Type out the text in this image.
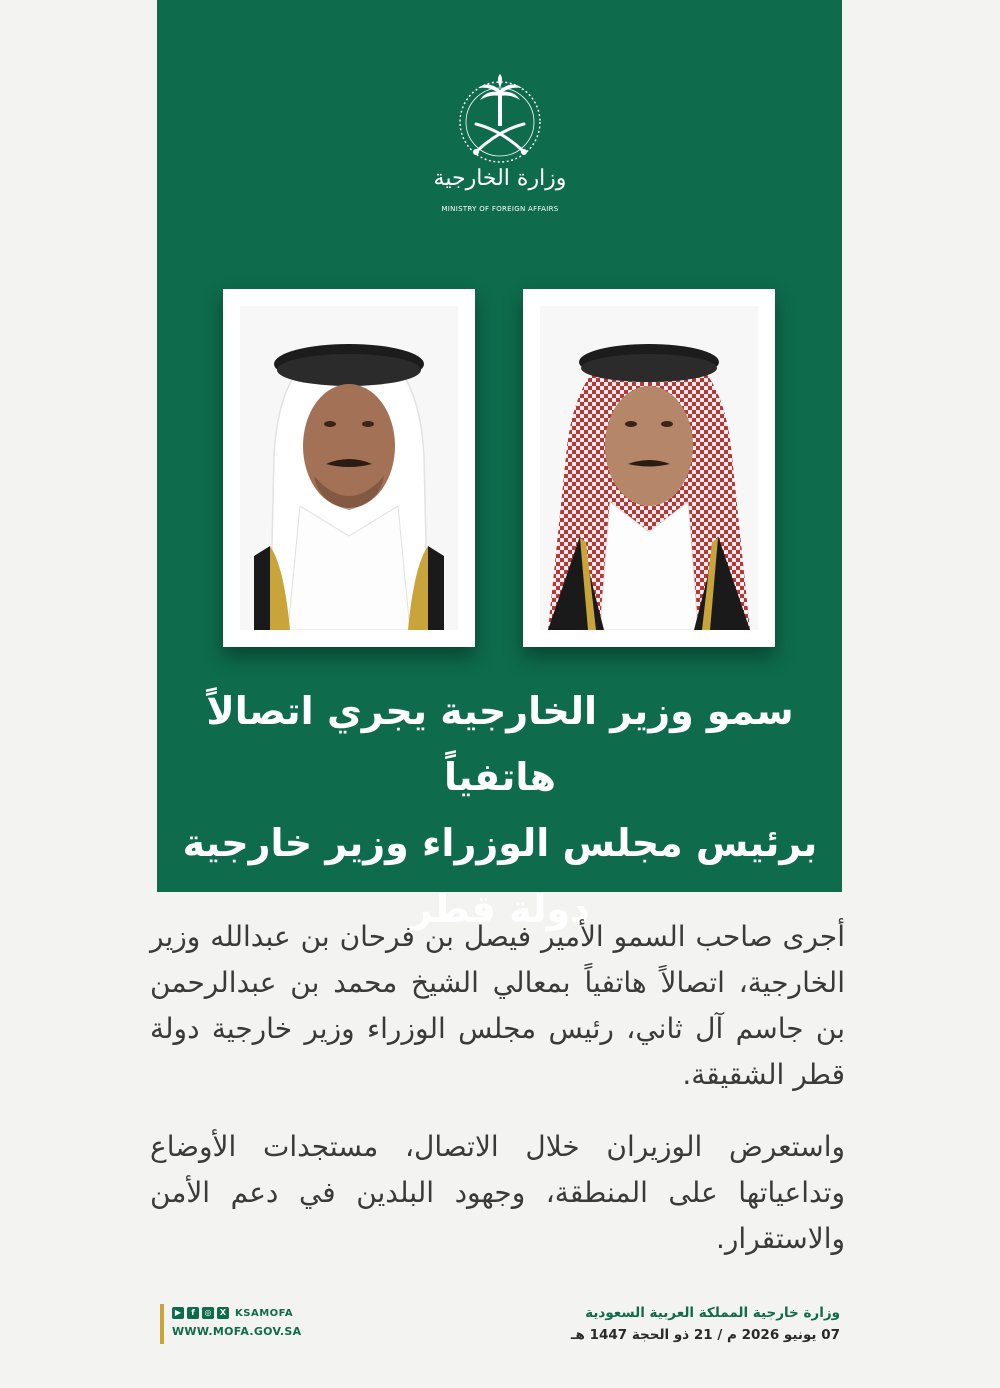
وزارة الخارجية
MINISTRY OF FOREIGN AFFAIRS
سمو وزير الخارجية يجري اتصالاً هاتفياً
برئيس مجلس الوزراء وزير خارجية
دولة قطر

أجرى صاحب السمو الأمير فيصل بن فرحان بن عبدالله وزير الخارجية، اتصالاً هاتفياً بمعالي الشيخ محمد بن عبدالرحمن بن جاسم آل ثاني، رئيس مجلس الوزراء وزير خارجية دولة قطر الشقيقة.

واستعرض الوزيران خلال الاتصال، مستجدات الأوضاع وتداعياتها على المنطقة، وجهود البلدين في دعم الأمن والاستقرار.

وزارة خارجية المملكة العربية السعودية
07 يونيو 2026 م / 21 ذو الحجة 1447 هـ
▶	f	◎	X KSAMOFA
WWW.MOFA.GOV.SA
